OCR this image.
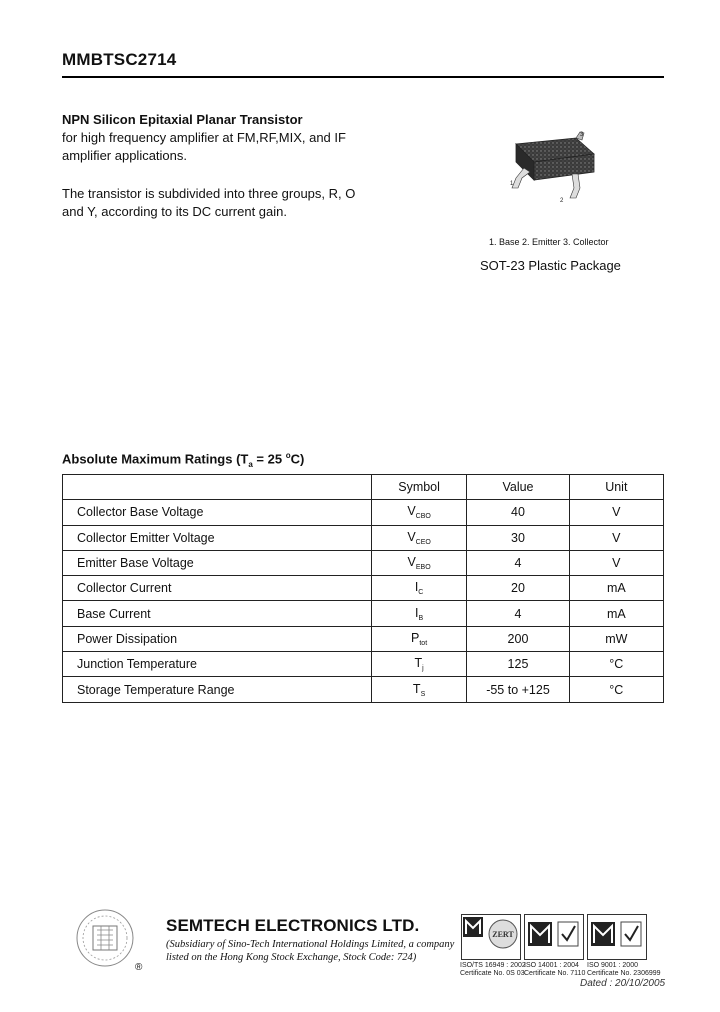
MMBTSC2714

NPN Silicon Epitaxial Planar Transistor

for high frequency amplifier at FM,RF,MIX, and IF

amplifier applications.

The transistor is subdivided into three groups, R, O

and Y, according to its DC current gain.

1
3
2
1. Base 2. Emitter 3. Collector
SOT-23 Plastic Package
Absolute Maximum Ratings ($T_a = 25$ $^o$C)
	Symbol	Value	Unit
Collector Base Voltage	$V_{CBO}$	40	V
Collector Emitter Voltage	$V_{CEO}$	30	V
Emitter Base Voltage	$V_{EBO}$	4	V
Collector Current	$I_C$	20	mA
Base Current	$I_B$	4	mA
Power Dissipation	$P_{tot}$	200	mW
Junction Temperature	$T_j$	125	°C
Storage Temperature Range	$T_S$	-55 to +125	°C
®
SEMTECH ELECTRONICS LTD.
(Subsidiary of Sino-Tech International Holdings Limited, a company
listed on the Hong Kong Stock Exchange, Stock Code: 724)
ZERT
ISO/TS 16949 : 2002
Certificate No. 0S 03
ISO 14001 : 2004
Certificate No. 7110
ISO 9001 : 2000
Certificate No. 2306999
Dated : 20/10/2005
